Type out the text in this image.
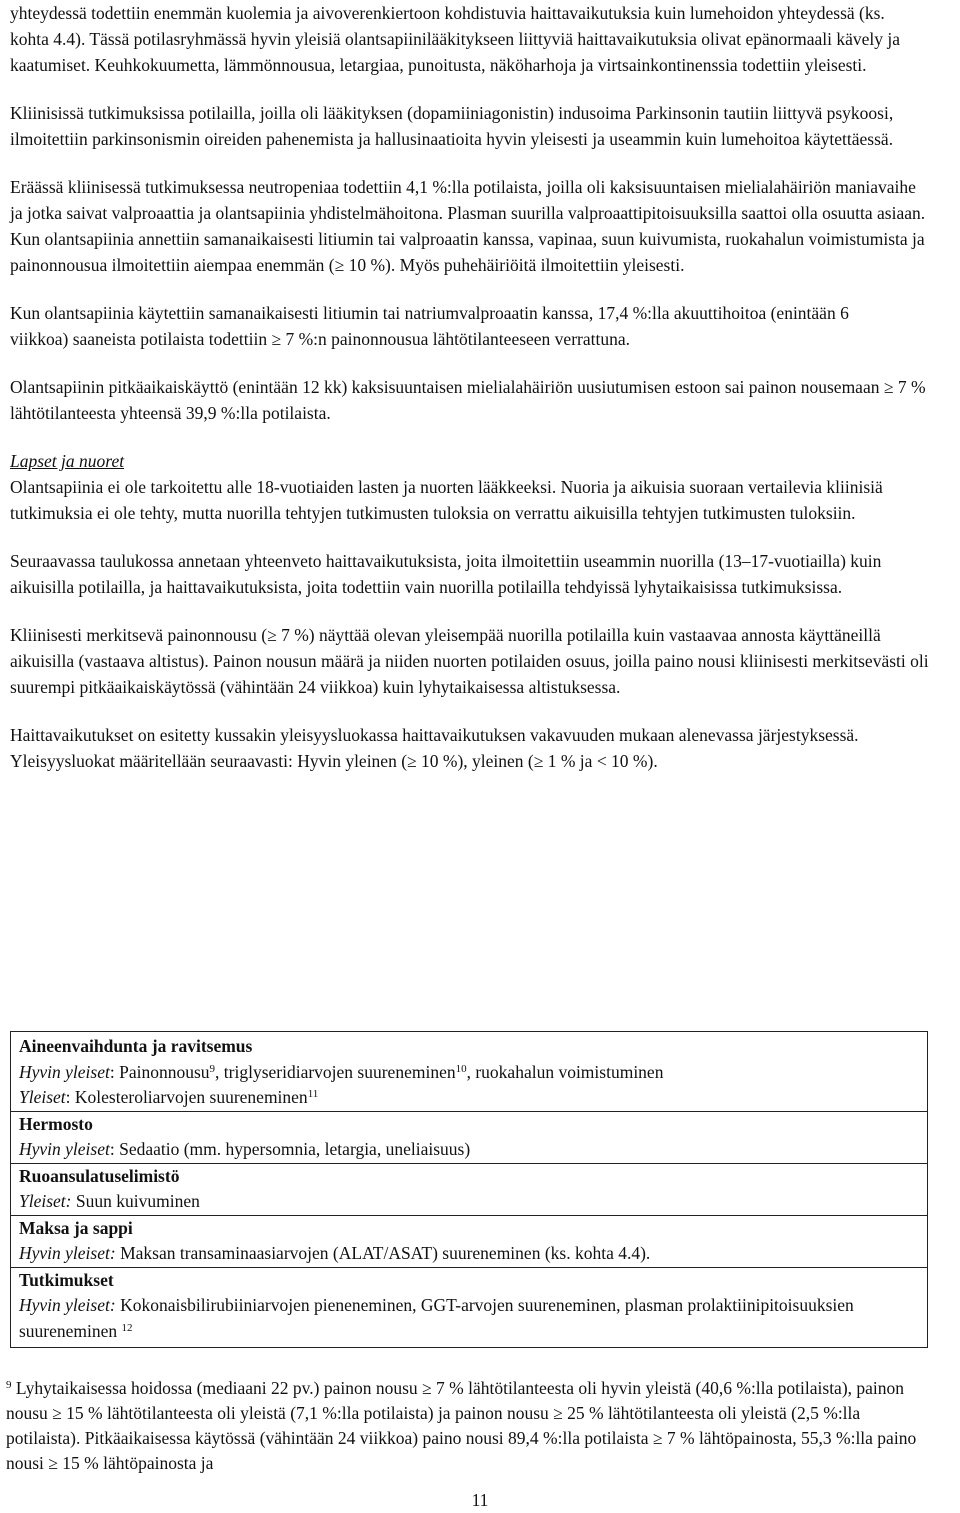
yhteydessä todettiin enemmän kuolemia ja aivoverenkiertoon kohdistuvia haittavaikutuksia kuin lumehoidon yhteydessä (ks. kohta 4.4). Tässä potilasryhmässä hyvin yleisiä olantsapiinilääkitykseen liittyviä haittavaikutuksia olivat epänormaali kävely ja kaatumiset. Keuhkokuumetta, lämmönnousua, letargiaa, punoitusta, näköharhoja ja virtsainkontinenssia todettiin yleisesti.

Kliinisissä tutkimuksissa potilailla, joilla oli lääkityksen (dopamiiniagonistin) indusoima Parkinsonin tautiin liittyvä psykoosi, ilmoitettiin parkinsonismin oireiden pahenemista ja hallusinaatioita hyvin yleisesti ja useammin kuin lumehoitoa käytettäessä.

Eräässä kliinisessä tutkimuksessa neutropeniaa todettiin 4,1 %:lla potilaista, joilla oli kaksisuuntaisen mielialahäiriön maniavaihe ja jotka saivat valproaattia ja olantsapiinia yhdistelmähoitona. Plasman suurilla valproaattipitoisuuksilla saattoi olla osuutta asiaan. Kun olantsapiinia annettiin samanaikaisesti litiumin tai valproaatin kanssa, vapinaa, suun kuivumista, ruokahalun voimistumista ja painonnousua ilmoitettiin aiempaa enemmän (≥ 10 %). Myös puhehäiriöitä ilmoitettiin yleisesti.

Kun olantsapiinia käytettiin samanaikaisesti litiumin tai natriumvalproaatin kanssa, 17,4 %:lla akuuttihoitoa (enintään 6 viikkoa) saaneista potilaista todettiin ≥ 7 %:n painonnousua lähtötilanteeseen verrattuna.

Olantsapiinin pitkäaikaiskäyttö (enintään 12 kk) kaksisuuntaisen mielialahäiriön uusiutumisen estoon sai painon nousemaan ≥ 7 % lähtötilanteesta yhteensä 39,9 %:lla potilaista.

Lapset ja nuoret

Olantsapiinia ei ole tarkoitettu alle 18-vuotiaiden lasten ja nuorten lääkkeeksi. Nuoria ja aikuisia suoraan vertailevia kliinisiä tutkimuksia ei ole tehty, mutta nuorilla tehtyjen tutkimusten tuloksia on verrattu aikuisilla tehtyjen tutkimusten tuloksiin.

Seuraavassa taulukossa annetaan yhteenveto haittavaikutuksista, joita ilmoitettiin useammin nuorilla (13–17-vuotiailla) kuin aikuisilla potilailla, ja haittavaikutuksista, joita todettiin vain nuorilla potilailla tehdyissä lyhytaikaisissa tutkimuksissa.

Kliinisesti merkitsevä painonnousu (≥ 7 %) näyttää olevan yleisempää nuorilla potilailla kuin vastaavaa annosta käyttäneillä aikuisilla (vastaava altistus). Painon nousun määrä ja niiden nuorten potilaiden osuus, joilla paino nousi kliinisesti merkitsevästi oli suurempi pitkäaikaiskäytössä (vähintään 24 viikkoa) kuin lyhytaikaisessa altistuksessa.

Haittavaikutukset on esitetty kussakin yleisyysluokassa haittavaikutuksen vakavuuden mukaan alenevassa järjestyksessä. Yleisyysluokat määritellään seuraavasti: Hyvin yleinen (≥ 10 %), yleinen (≥ 1 % ja < 10 %).

Aineenvaihdunta ja ravitsemus
Hyvin yleiset: Painonnousu$^9$, triglyseridiarvojen suureneminen$^{10}$, ruokahalun voimistuminen
Yleiset: Kolesteroliarvojen suureneminen$^{11}$
Hermosto
Hyvin yleiset: Sedaatio (mm. hypersomnia, letargia, uneliaisuus)
Ruoansulatuselimistö
Yleiset: Suun kuivuminen
Maksa ja sappi
Hyvin yleiset: Maksan transaminaasiarvojen (ALAT/ASAT) suureneminen (ks. kohta 4.4).
Tutkimukset
Hyvin yleiset: Kokonaisbilirubiiniarvojen pieneneminen, GGT-arvojen suureneminen, plasman prolaktiinipitoisuuksien suureneminen $^{12}$
$^9$ Lyhytaikaisessa hoidossa (mediaani 22 pv.) painon nousu ≥ 7 % lähtötilanteesta oli hyvin yleistä (40,6 %:lla potilaista), painon nousu ≥ 15 % lähtötilanteesta oli yleistä (7,1 %:lla potilaista) ja painon nousu ≥ 25 % lähtötilanteesta oli yleistä (2,5 %:lla potilaista). Pitkäaikaisessa käytössä (vähintään 24 viikkoa) paino nousi 89,4 %:lla potilaista ≥ 7 % lähtöpainosta, 55,3 %:lla paino nousi ≥ 15 % lähtöpainosta ja
11
